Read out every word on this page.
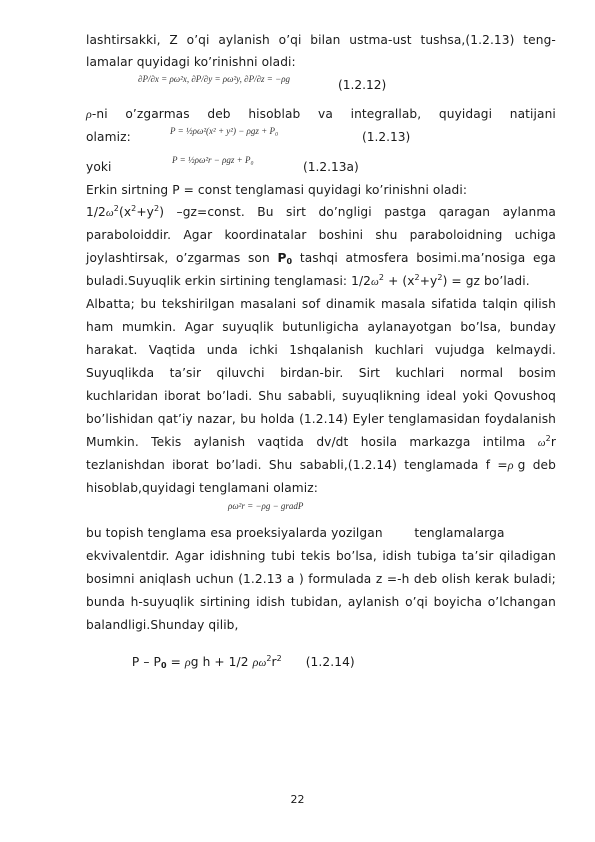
lashtirsakki, Z o’qi aylanish o’qi bilan ustma-ust tushsa,(1.2.13) teng-
lamalar quyidagi ko’rinishni oladi:
∂P/∂x = ρω²x, ∂P/∂y = ρω²y, ∂P/∂z = −ρg	(1.2.12)
ρ-ni o’zgarmas deb hisoblab va integrallab, quyidagi natijani
olamiz:	P = ½ρω²(x² + y²) − ρgz + P₀	(1.2.13)
yoki	P = ½ρω²r − ρgz + P₀	(1.2.13a)
Erkin sirtning P = const tenglamasi quyidagi ko’rinishni oladi:
$1/2\omega^2(x^2+y^2)$ –gz=const. Bu sirt do’ngligi pastga qaragan aylanma
paraboloiddir. Agar koordinatalar boshini shu paraboloidning uchiga
joylashtirsak, o’zgarmas son $P_0$ tashqi atmosfera bosimi.ma’nosiga ega
buladi.Suyuqlik erkin sirtining tenglamasi: $1/2\omega^2 + (x^2+y^2)$ = gz bo’ladi.
Albatta; bu tekshirilgan masalani sof dinamik masala sifatida talqin qilish
ham mumkin. Agar suyuqlik butunligicha aylanayotgan bo’lsa, bunday
harakat. Vaqtida unda ichki 1shqalanish kuchlari vujudga kelmaydi.
Suyuqlikda ta’sir qiluvchi birdan-bir. Sirt kuchlari normal bosim
kuchlaridan iborat bo’ladi. Shu sababli, suyuqlikning ideal yoki Qovushoq
bo’lishidan qat’iy nazar, bu holda (1.2.14) Eyler tenglamasidan foydalanish
Mumkin. Tekis aylanish vaqtida dv/dt hosila markazga intilma $\omega^2r$
tezlanishdan iborat bo’ladi. Shu sababli,(1.2.14) tenglamada f =ρ g deb
hisoblab,quyidagi tenglamani olamiz:
ρω²r = −ρg − gradP
bu topish tenglama esa proeksiyalarda yozilgan        tenglamalarga
ekvivalentdir. Agar idishning tubi tekis bo’lsa, idish tubiga ta’sir qiladigan
bosimni aniqlash uchun (1.2.13 a ) formulada z =-h deb olish kerak buladi;
bunda h-suyuqlik sirtining idish tubidan, aylanish o’qi boyicha o’lchangan
balandligi.Shunday qilib,

$P - P_0 = \rho g$ h + 1/2 $\rho\omega^2r^2$ (1.2.14)

22
